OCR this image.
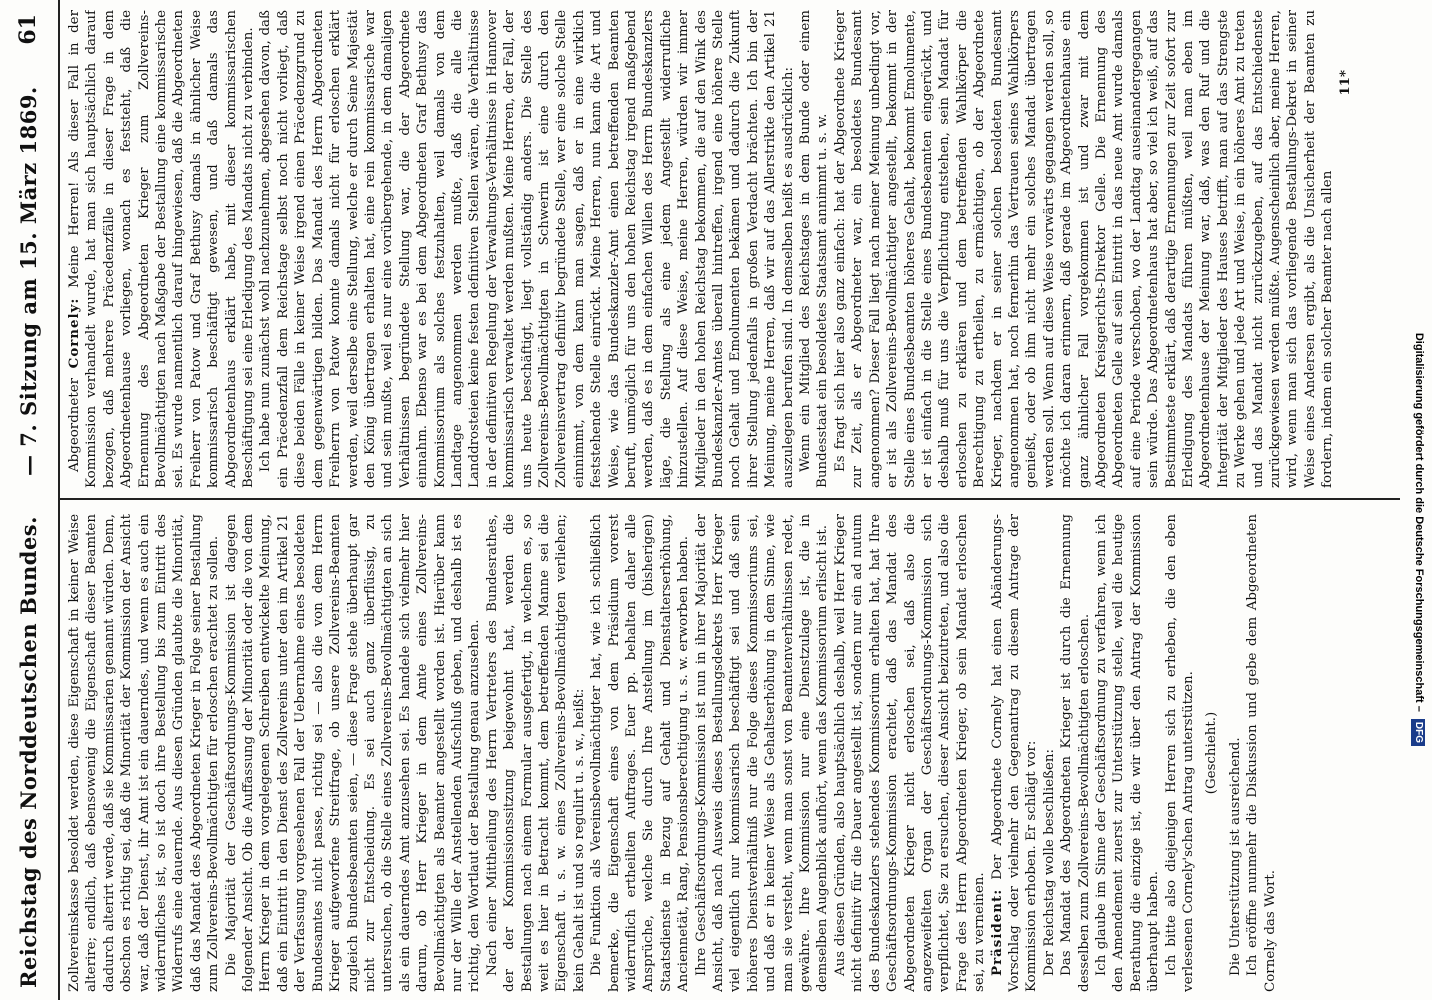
Reichstag des Norddeutschen Bundes.
— 7. Sitzung am 15. März 1869.
61

Zollvereinskasse besoldet werden, diese Eigenschaft in keiner Weise alterire; endlich, daß ebensowenig die Eigenschaft dieser Beamten dadurch alterirt werde, daß sie Kommissarien genannt würden. Denn, obschon es richtig sei, daß die Minorität der Kommission der Ansicht war, daß der Dienst, ihr Amt ist ein dauerndes, und wenn es auch ein widerrufliches ist, so ist doch ihre Bestellung bis zum Eintritt des Widerrufs eine dauernde. Aus diesen Gründen glaubte die Minorität, daß das Mandat des Abgeordneten Krieger in Folge seiner Bestallung zum Zollvereins-Bevollmächtigten für erloschen erachtet zu sollen. Die Majorität der Geschäftsordnungs-Kommission ist dagegen folgender Ansicht. Ob die Auffassung der Minorität oder die von dem Herrn Krieger in dem vorgelegenen Schreiben entwickelte Meinung, daß ein Eintritt in den Dienst des Zollvereins unter den im Artikel 21 der Verfassung vorgesehenen Fall der Uebernahme eines besoldeten Bundesamtes nicht passe, richtig sei — also die von dem Herrn Krieger aufgeworfene Streitfrage, ob unsere Zollvereins-Beamten zugleich Bundesbeamten seien, — diese Frage stehe überhaupt gar nicht zur Entscheidung. Es sei auch ganz überflüssig, zu untersuchen, ob die Stelle eines Zollvereins-Bevollmächtigten an sich als ein dauerndes Amt anzusehen sei. Es handele sich vielmehr hier darum, ob Herr Krieger in dem Amte eines Zollvereins-Bevollmächtigten als Beamter angestellt worden ist. Hierüber kann nur der Wille der Anstellenden Aufschluß geben, und deshalb ist es richtig, den Wortlaut der Bestallung genau anzusehen. Nach einer Mittheilung des Herrn Vertreters des Bundesrathes, der der Kommissionssitzung beigewohnt hat, werden die Bestallungen nach einem Formular ausgefertigt, in welchem es, so weit es hier in Betracht kommt, dem betreffenden Manne sei die Eigenschaft u. s. w. eines Zollvereins-Bevollmächtigten verliehen; kein Gehalt ist und so regulirt u. s. w., heißt: Die Funktion als Vereinsbevollmächtigter hat, wie ich schließlich bemerke, die Eigenschaft eines von dem Präsidium vorerst widerruflich ertheilten Auftrages. Euer pp. behalten daher alle Ansprüche, welche Sie durch Ihre Anstellung im (bisherigen) Staatsdienste in Bezug auf Gehalt und Dienstalterserhöhung, Anciennetät, Rang, Pensionsberechtigung u. s. w. erworben haben. Ihre Geschäftsordnungs-Kommission ist nun in ihrer Majorität der Ansicht, daß nach Ausweis dieses Bestallungsdekrets Herr Krieger viel eigentlich nur kommissarisch beschäftigt sei und daß sein höheres Dienstverhältniß nur die Folge dieses Kommissoriums sei, und daß er in keiner Weise als Gehaltserhöhung in dem Sinne, wie man sie versteht, wenn man sonst von Beamtenverhältnissen redet, gewähre. Ihre Kommission nur eine Dienstzulage ist, die in demselben Augenblick aufhört, wenn das Kommissorium erlischt ist. Aus diesen Gründen, also hauptsächlich deshalb, weil Herr Krieger nicht definitiv für die Dauer angestellt ist, sondern nur ein ad nutum des Bundeskanzlers stehendes Kommissorium erhalten hat, hat Ihre Geschäftsordnungs-Kommission erachtet, daß das Mandat des Abgeordneten Krieger nicht erloschen sei, daß also die angezweifelten Organ der Geschäftsordnungs-Kommission sich verpflichtet, Sie zu ersuchen, dieser Ansicht beizutreten, und also die Frage des Herrn Abgeordneten Krieger, ob sein Mandat erloschen sei, zu verneinen. Präsident: Der Abgeordnete Cornely hat einen Abänderungs-Vorschlag oder vielmehr den Gegenantrag zu diesem Antrage der Kommission erhoben. Er schlägt vor: Der Reichstag wolle beschließen: Das Mandat des Abgeordneten Krieger ist durch die Ernennung desselben zum Zollvereins-Bevollmächtigten erloschen. Ich glaube im Sinne der Geschäftsordnung zu verfahren, wenn ich den Amendement zuerst zur Unterstützung stelle, weil die heutige Berathung die einzige ist, die wir über den Antrag der Kommission überhaupt haben. Ich bitte also diejenigen Herren sich zu erheben, die den eben verlesenen Cornely'schen Antrag unterstützen. (Geschieht.) Die Unterstützung ist ausreichend. Ich eröffne nunmehr die Diskussion und gebe dem Abgeordneten Cornely das Wort.

Abgeordneter Cornely: Meine Herren! Als dieser Fall in der Kommission verhandelt wurde, hat man sich hauptsächlich darauf bezogen, daß mehrere Präcedenzfälle in dieser Frage in dem Abgeordnetenhause vorliegen, wonach es feststeht, daß die Ernennung des Abgeordneten Krieger zum Zollvereins-Bevollmächtigten nach Maßgabe der Bestallung eine kommissarische sei. Es wurde namentlich darauf hingewiesen, daß die Abgeordneten Freiherr von Patow und Graf Bethusy damals in ähnlicher Weise kommissarisch beschäftigt gewesen, und daß damals das Abgeordnetenhaus erklärt habe, mit dieser kommissarischen Beschäftigung sei eine Erledigung des Mandats nicht zu verbinden. Ich habe nun zunächst wohl nachzunehmen, abgesehen davon, daß ein Präcedenzfall dem Reichstage selbst noch nicht vorliegt, daß diese beiden Fälle in keiner Weise irgend einen Präcedenzgrund zu dem gegenwärtigen bilden. Das Mandat des Herrn Abgeordneten Freiherrn von Patow konnte damals nicht für erloschen erklärt werden, weil derselbe eine Stellung, welche er durch Seine Majestät den König übertragen erhalten hat, eine rein kommissarische war und sein mußte, weil es nur eine vorübergehende, in dem damaligen Verhältnissen begründete Stellung war, die der Abgeordnete einnahm. Ebenso war es bei dem Abgeordneten Graf Bethusy das Kommissorium als solches festzuhalten, weil damals von dem Landtage angenommen werden mußte, daß die alle die Landdrosteien keine festen definitiven Stellen wären, die Verhältnisse in der definitiven Regelung der Verwaltungs-Verhältnisse in Hannover kommissarisch verwaltet werden mußten. Meine Herren, der Fall, der uns heute beschäftigt, liegt vollständig anders. Die Stelle des Zollvereins-Bevollmächtigten in Schwerin ist eine durch den Zollvereinsvertrag definitiv begründete Stelle, wer eine solche Stelle einnimmt, von dem kann man sagen, daß er in eine wirklich feststehende Stelle einrückt. Meine Herren, nun kann die Art und Weise, wie das Bundeskanzler-Amt einen betreffenden Beamten beruft, unmöglich für uns den hohen Reichstag irgend maßgebend werden, daß es in dem einfachen Willen des Herrn Bundeskanzlers läge, die Stellung als eine jedem Angestellt widerrufliche hinzustellen. Auf diese Weise, meine Herren, würden wir immer Mitglieder in den hohen Reichstag bekommen, die auf den Wink des Bundeskanzler-Amtes überall hintreffen, irgend eine höhere Stelle noch Gehalt und Emolumenten bekämen und dadurch die Zukunft ihrer Stellung jedenfalls in großen Verdacht brächten. Ich bin der Meinung, meine Herren, daß wir auf das Allerstrikte den Artikel 21 auszulegen berufen sind. In demselben heißt es ausdrücklich: Wenn ein Mitglied des Reichstages in dem Bunde oder einem Bundesstaat ein besoldetes Staatsamt annimmt u. s. w. Es fragt sich hier also ganz einfach: hat der Abgeordnete Krieger zur Zeit, als er Abgeordneter war, ein besoldetes Bundesamt angenommen? Dieser Fall liegt nach meiner Meinung unbedingt vor, er ist als Zollvereins-Bevollmächtigter angestellt, bekommt in der Stelle eines Bundesbeamten höheres Gehalt, bekommt Emolumente, er ist einfach in die Stelle eines Bundesbeamten eingerückt, und deshalb muß für uns die Verpflichtung entstehen, sein Mandat für erloschen zu erklären und dem betreffenden Wahlkörper die Berechtigung zu ertheilen, zu ermächtigen, ob der Abgeordnete Krieger, nachdem er in seiner solchen besoldeten Bundesamt angenommen hat, noch fernerhin das Vertrauen seines Wahlkörpers genießt, oder ob ihm nicht mehr ein solches Mandat übertragen werden soll. Wenn auf diese Weise vorwärts gegangen werden soll, so möchte ich daran erinnern, daß gerade im Abgeordnetenhause ein ganz ähnlicher Fall vorgekommen ist und zwar mit dem Abgeordneten Kreisgerichts-Direktor Gelle. Die Ernennung des Abgeordneten Gelle auf sein Eintritt in das neue Amt wurde damals auf eine Periode verschoben, wo der Landtag auseinandergegangen sein würde. Das Abgeordnetenhaus hat aber, so viel ich weiß, auf das Bestimmteste erklärt, daß derartige Ernennungen zur Zeit sofort zur Erledigung des Mandats führen müßten, weil man eben im Abgeordnetenhause der Meinung war, daß, was den Ruf und die Integrität der Mitglieder des Hauses betrifft, man auf das Strengste zu Werke gehen und jede Art und Weise, in ein höheres Amt zu treten und das Mandat nicht zurückzugeben, auf das Entschiedenste zurückgewiesen werden müßte. Augenscheinlich aber, meine Herren, wird, wenn man sich das vorliegende Bestallungs-Dekret in seiner Weise eines Andersen ergibt, als die Unsicherheit der Beamten zu fordern, indem ein solcher Beamter nach allen

11*

Digitalisierung gefördert durch die Deutsche Forschungsgemeinschaft – DFG
